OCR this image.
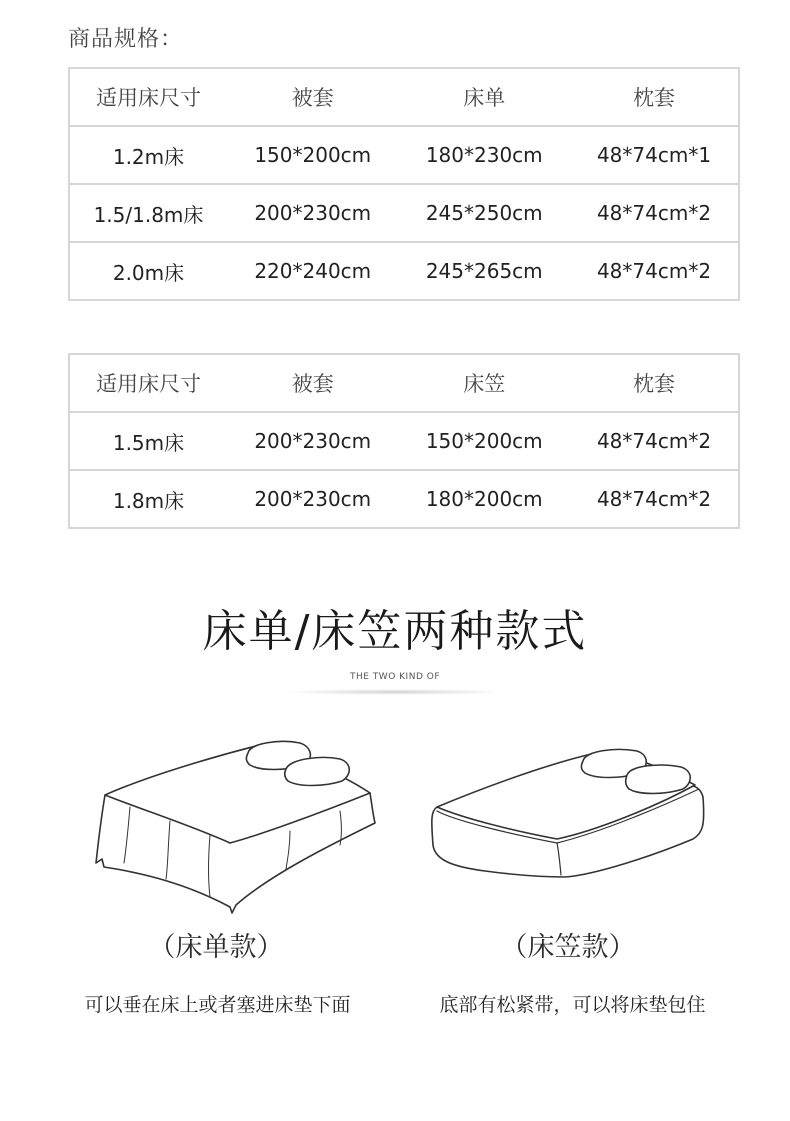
商品规格：
适用床尺寸	被套	床单	枕套
1.2m床	150*200cm	180*230cm	48*74cm*1
1.5/1.8m床	200*230cm	245*250cm	48*74cm*2
2.0m床	220*240cm	245*265cm	48*74cm*2
适用床尺寸	被套	床笠	枕套
1.5m床	200*230cm	150*200cm	48*74cm*2
1.8m床	200*230cm	180*200cm	48*74cm*2
床单/床笠两种款式
THE TWO KIND OF
（床单款）	（床笠款）
可以垂在床上或者塞进床垫下面	底部有松紧带，可以将床垫包住
